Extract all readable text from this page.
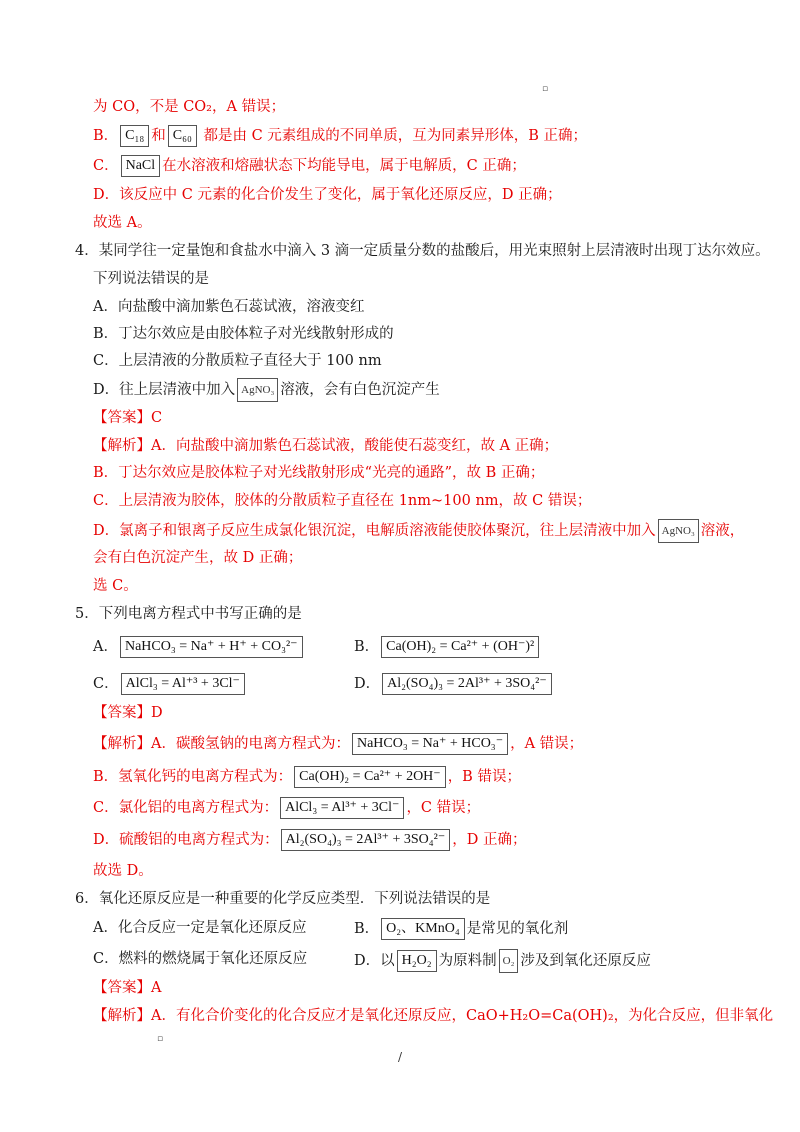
▫
为 CO，不是 CO₂，A 错误；
B． C₁₈ 和 C₆₀ 都是由 C 元素组成的不同单质，互为同素异形体，B 正确；
C． NaCl 在水溶液和熔融状态下均能导电，属于电解质，C 正确；
D．该反应中 C 元素的化合价发生了变化，属于氧化还原反应，D 正确；
故选 A。
4．某同学往一定量饱和食盐水中滴入 3 滴一定质量分数的盐酸后，用光束照射上层清液时出现丁达尔效应。
下列说法错误的是
A．向盐酸中滴加紫色石蕊试液，溶液变红
B．丁达尔效应是由胶体粒子对光线散射形成的
C．上层清液的分散质粒子直径大于 100 nm
D．往上层清液中加入 AgNO₃ 溶液，会有白色沉淀产生
【答案】C
【解析】A．向盐酸中滴加紫色石蕊试液，酸能使石蕊变红，故 A 正确；
B．丁达尔效应是胶体粒子对光线散射形成“光亮的通路”，故 B 正确；
C．上层清液为胶体，胶体的分散质粒子直径在 1nm~100 nm，故 C 错误；
D．氯离子和银离子反应生成氯化银沉淀，电解质溶液能使胶体聚沉，往上层清液中加入 AgNO₃ 溶液，
会有白色沉淀产生，故 D 正确；
选 C。
5．下列电离方程式中书写正确的是
A． NaHCO₃ = Na⁺ + H⁺ + CO₃²⁻	B． Ca(OH)₂ = Ca²⁺ + (OH⁻)²
C． AlCl₃ = Al⁺³ + 3Cl⁻	D． Al₂(SO₄)₃ = 2Al³⁺ + 3SO₄²⁻
【答案】D
【解析】A．碳酸氢钠的电离方程式为： NaHCO₃ = Na⁺ + HCO₃⁻ ，A 错误；
B．氢氧化钙的电离方程式为： Ca(OH)₂ = Ca²⁺ + 2OH⁻ ，B 错误；
C．氯化铝的电离方程式为： AlCl₃ = Al³⁺ + 3Cl⁻ ，C 错误；
D．硫酸铝的电离方程式为： Al₂(SO₄)₃ = 2Al³⁺ + 3SO₄²⁻ ，D 正确；
故选 D。
6．氧化还原反应是一种重要的化学反应类型．下列说法错误的是
A．化合反应一定是氧化还原反应	B． O₂、KMnO₄ 是常见的氧化剂
C．燃料的燃烧属于氧化还原反应	D．以 H₂O₂ 为原料制 O₂ 涉及到氧化还原反应
【答案】A
【解析】A．有化合价变化的化合反应才是氧化还原反应，CaO+H₂O=Ca(OH)₂，为化合反应，但非氧化
▫
/
